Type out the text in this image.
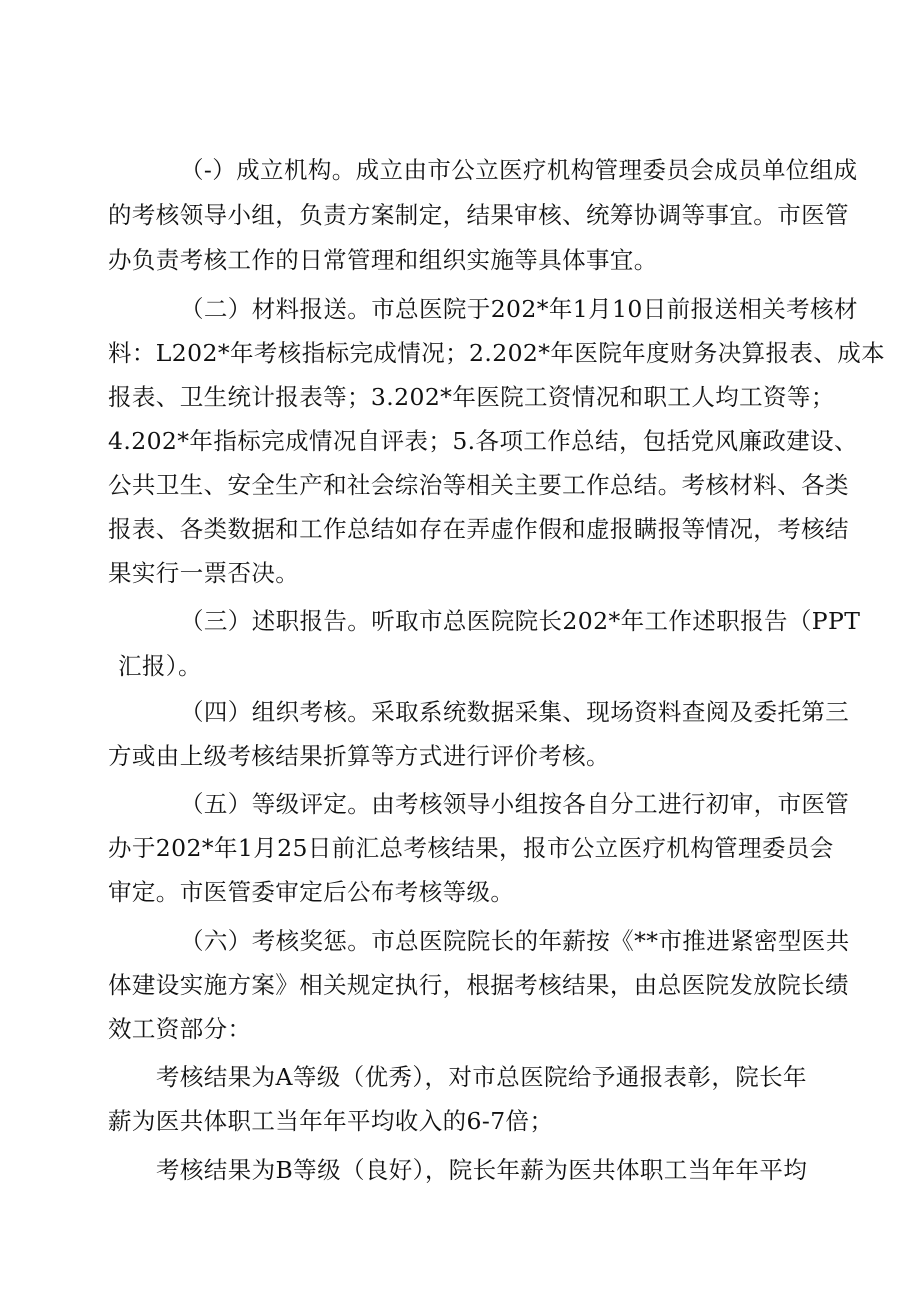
（-）成立机构。成立由市公立医疗机构管理委员会成员单位组成
的考核领导小组，负责方案制定，结果审核、统筹协调等事宜。市医管
办负责考核工作的日常管理和组织实施等具体事宜。
（二）材料报送。市总医院于202*年1月10日前报送相关考核材
料：L202*年考核指标完成情况；2.202*年医院年度财务决算报表、成本
报表、卫生统计报表等；3.202*年医院工资情况和职工人均工资等；
4.202*年指标完成情况自评表；5.各项工作总结，包括党风廉政建设、
公共卫生、安全生产和社会综治等相关主要工作总结。考核材料、各类
报表、各类数据和工作总结如存在弄虚作假和虚报瞒报等情况，考核结
果实行一票否决。
（三）述职报告。听取市总医院院长202*年工作述职报告（PPT
汇报）。
（四）组织考核。采取系统数据采集、现场资料查阅及委托第三
方或由上级考核结果折算等方式进行评价考核。
（五）等级评定。由考核领导小组按各自分工进行初审，市医管
办于202*年1月25日前汇总考核结果，报市公立医疗机构管理委员会
审定。市医管委审定后公布考核等级。
（六）考核奖惩。市总医院院长的年薪按《**市推进紧密型医共
体建设实施方案》相关规定执行，根据考核结果，由总医院发放院长绩
效工资部分：
考核结果为A等级（优秀），对市总医院给予通报表彰，院长年
薪为医共体职工当年年平均收入的6-7倍；
考核结果为B等级（良好），院长年薪为医共体职工当年年平均
